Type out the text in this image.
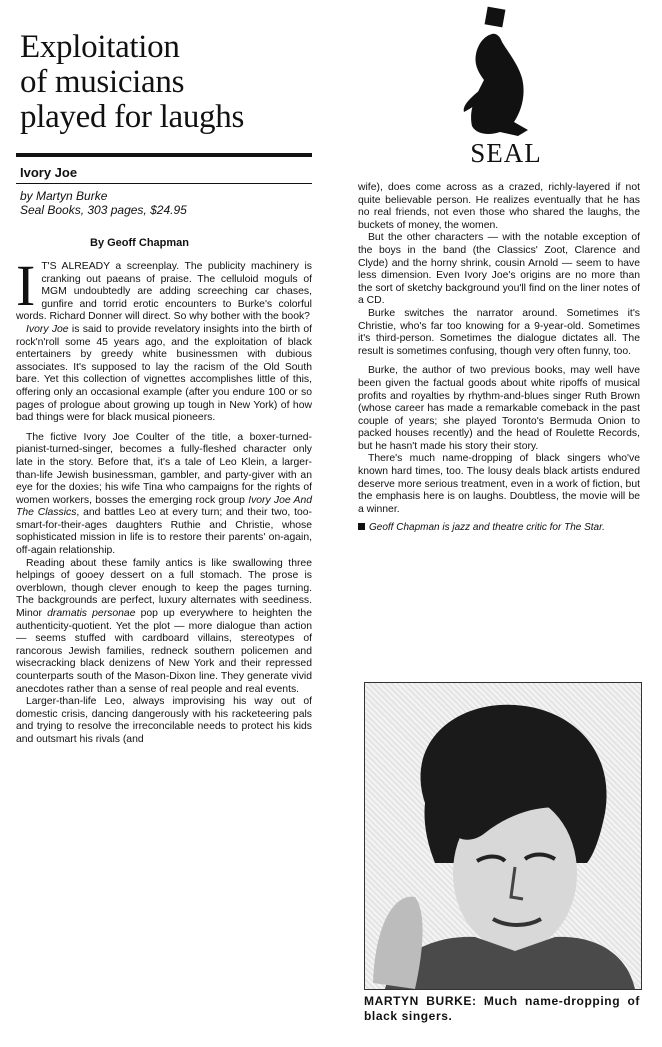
Exploitation
of musicians
played for laughs
Ivory Joe
by Martyn Burke
Seal Books, 303 pages, $24.95
By Geoff Chapman

I T'S ALREADY a screenplay. The publicity machinery is cranking out paeans of praise. The celluloid moguls of MGM undoubtedly are adding screeching car chases, gunfire and torrid erotic encounters to Burke's colorful words. Richard Donner will direct. So why bother with the book?

Ivory Joe is said to provide revelatory insights into the birth of rock'n'roll some 45 years ago, and the exploitation of black entertainers by greedy white businessmen with dubious associates. It's supposed to lay the racism of the Old South bare. Yet this collection of vignettes accomplishes little of this, offering only an occasional example (after you endure 100 or so pages of prologue about growing up tough in New York) of how bad things were for black musical pioneers.

The fictive Ivory Joe Coulter of the title, a boxer-turned-pianist-turned-singer, becomes a fully-fleshed character only late in the story. Before that, it's a tale of Leo Klein, a larger-than-life Jewish businessman, gambler, and party-giver with an eye for the doxies; his wife Tina who campaigns for the rights of women workers, bosses the emerging rock group Ivory Joe And The Classics, and battles Leo at every turn; and their two, too-smart-for-their-ages daughters Ruthie and Christie, whose sophisticated mission in life is to restore their parents' on-again, off-again relationship.

Reading about these family antics is like swallowing three helpings of gooey dessert on a full stomach. The prose is overblown, though clever enough to keep the pages turning. The backgrounds are perfect, luxury alternates with seediness. Minor dramatis personae pop up everywhere to heighten the authenticity-quotient. Yet the plot — more dialogue than action — seems stuffed with cardboard villains, stereotypes of rancorous Jewish families, redneck southern policemen and wisecracking black denizens of New York and their repressed counterparts south of the Mason-Dixon line. They generate vivid anecdotes rather than a sense of real people and real events.

Larger-than-life Leo, always improvising his way out of domestic crisis, dancing dangerously with his racketeering pals and trying to resolve the irreconcilable needs to protect his kids and outsmart his rivals (and

SEAL

wife), does come across as a crazed, richly-layered if not quite believable person. He realizes eventually that he has no real friends, not even those who shared the laughs, the buckets of money, the women.

But the other characters — with the notable exception of the boys in the band (the Classics' Zoot, Clarence and Clyde) and the horny shrink, cousin Arnold — seem to have less dimension. Even Ivory Joe's origins are no more than the sort of sketchy background you'll find on the liner notes of a CD.

Burke switches the narrator around. Sometimes it's Christie, who's far too knowing for a 9-year-old. Sometimes it's third-person. Sometimes the dialogue dictates all. The result is sometimes confusing, though very often funny, too.

Burke, the author of two previous books, may well have been given the factual goods about white ripoffs of musical profits and royalties by rhythm-and-blues singer Ruth Brown (whose career has made a remarkable comeback in the past couple of years; she played Toronto's Bermuda Onion to packed houses recently) and the head of Roulette Records, but he hasn't made his story their story.

There's much name-dropping of black singers who've known hard times, too. The lousy deals black artists endured deserve more serious treatment, even in a work of fiction, but the emphasis here is on laughs. Doubtless, the movie will be a winner.

Geoff Chapman is jazz and theatre critic for The Star.
MARTYN BURKE: Much name-dropping of black singers.
